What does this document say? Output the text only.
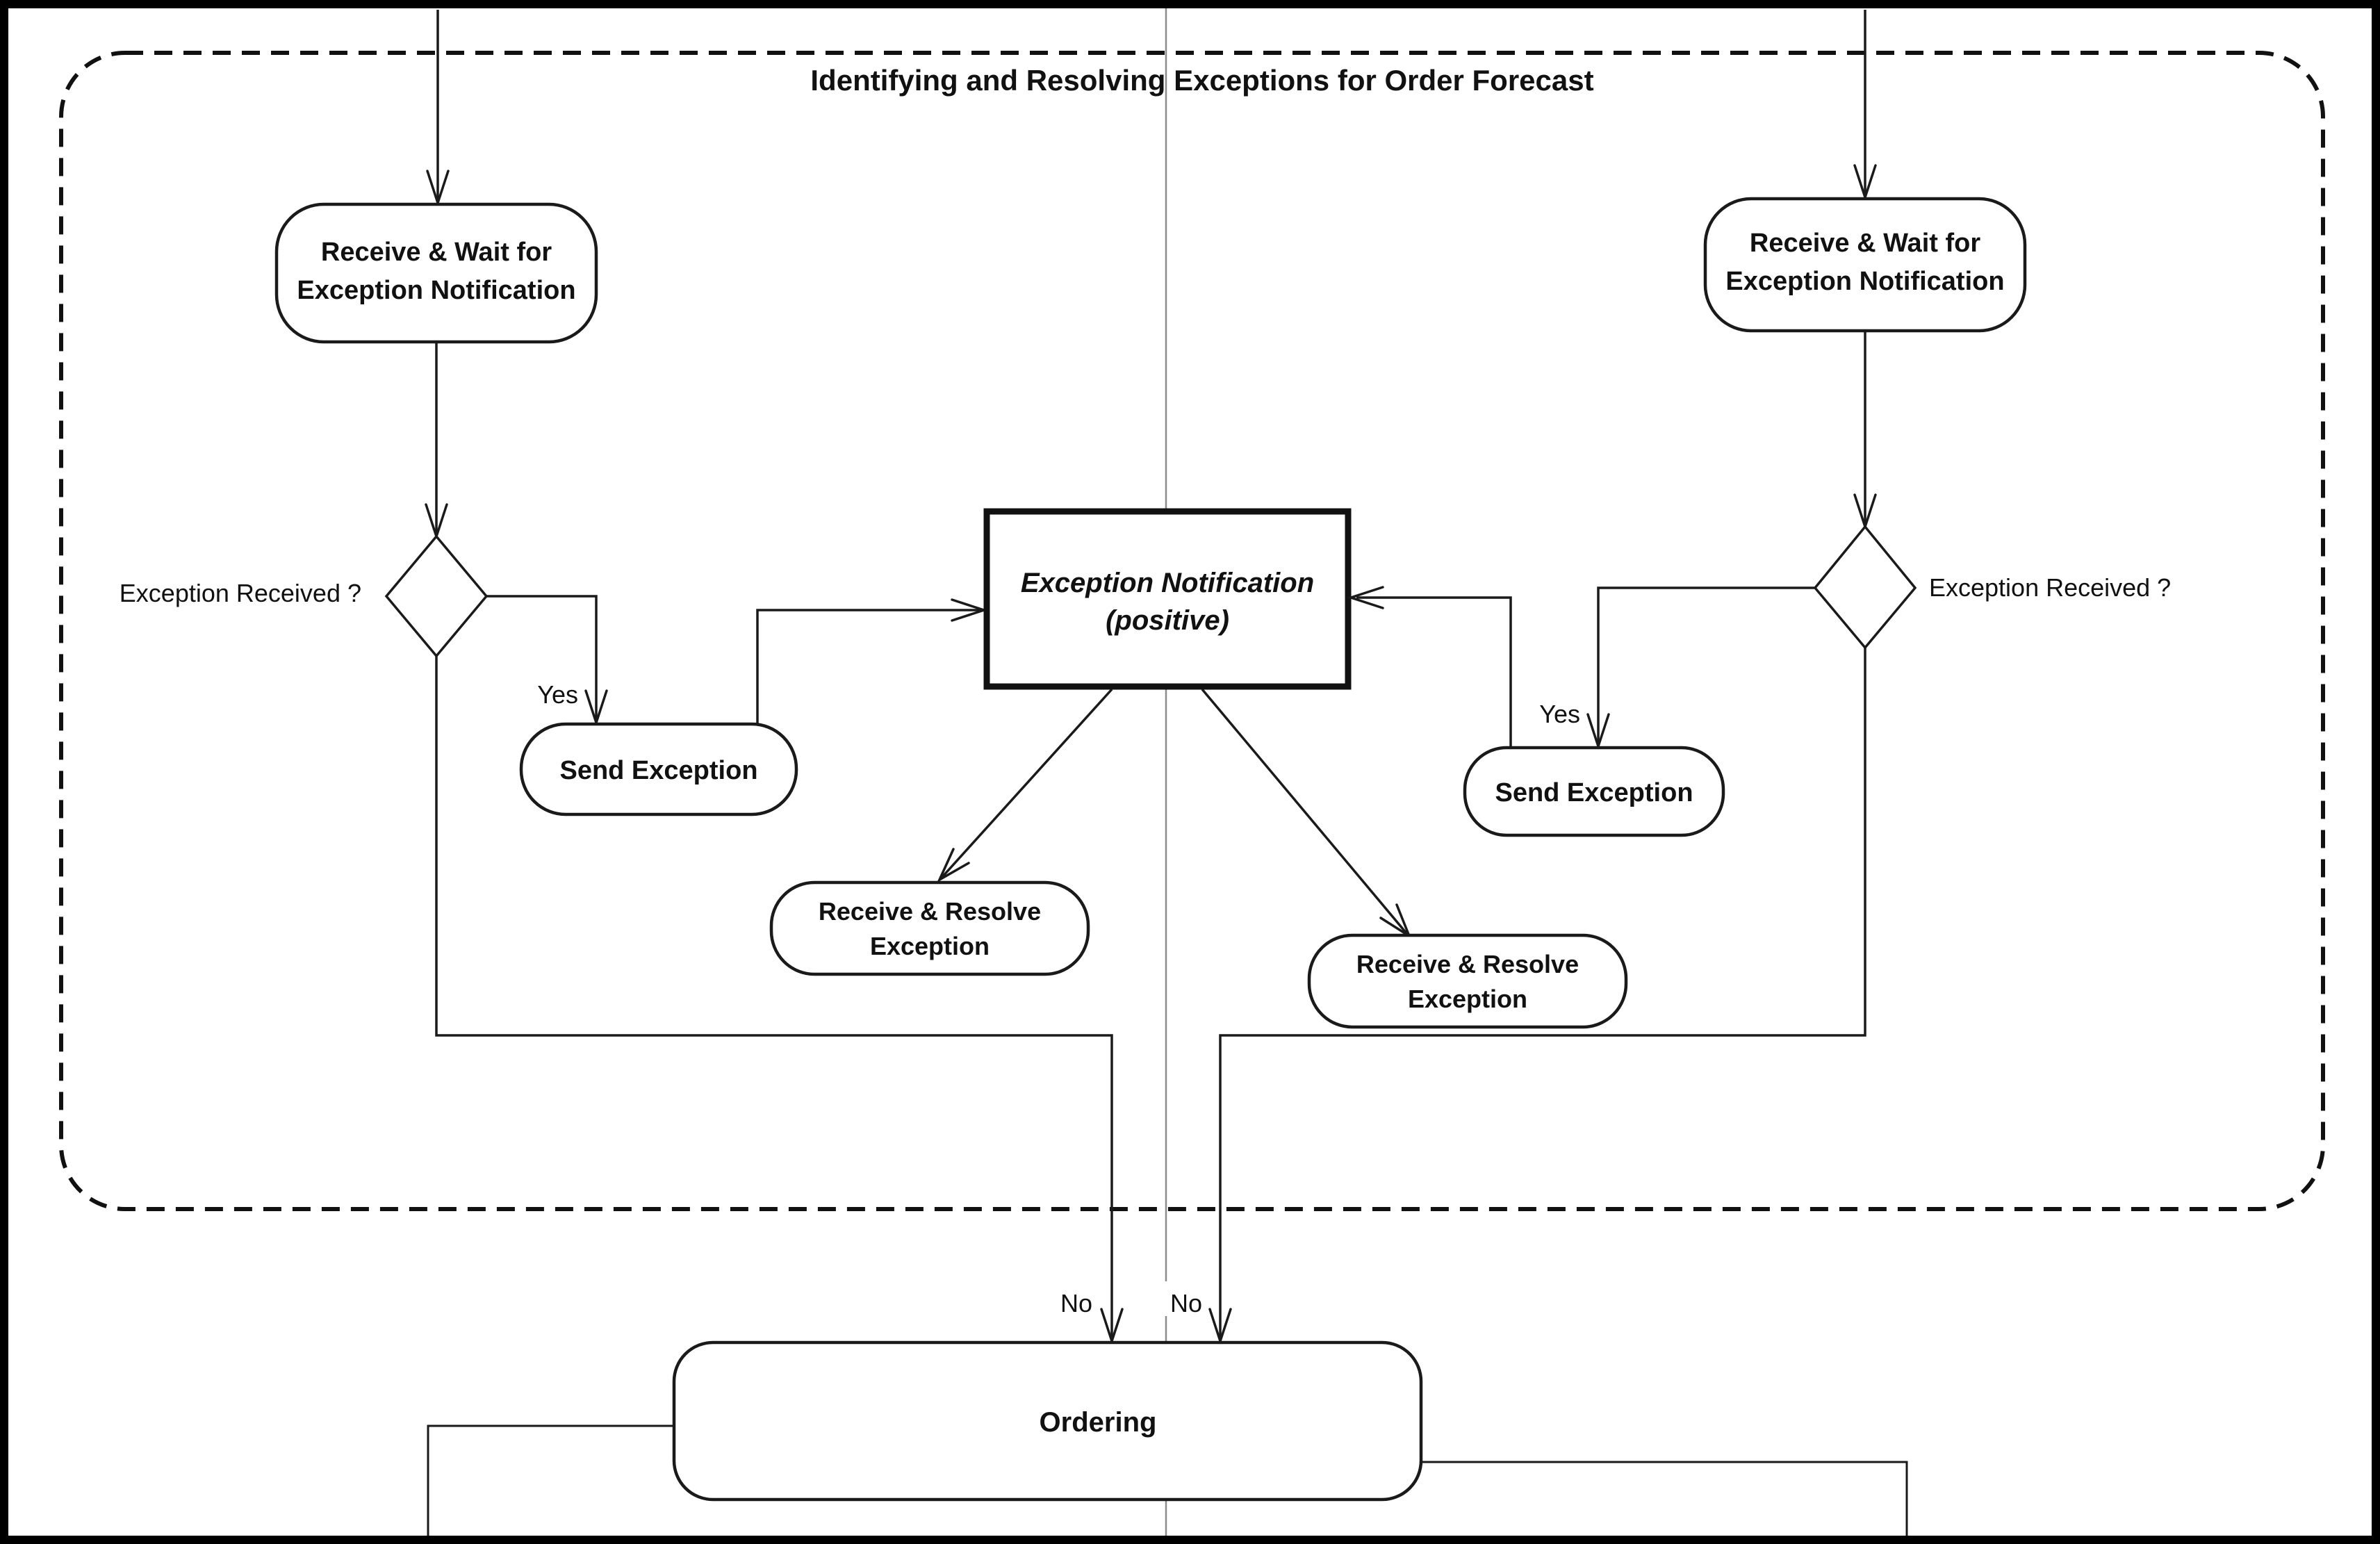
Identifying and Resolving Exceptions for Order Forecast
Receive & Wait for
Exception Notification
Exception Received ?
Yes
Send Exception
No
Exception Notification
(positive)
Receive & Resolve
Exception
Receive & Resolve
Exception
Receive & Wait for
Exception Notification
Exception Received ?
Yes
Send Exception
No
Ordering
